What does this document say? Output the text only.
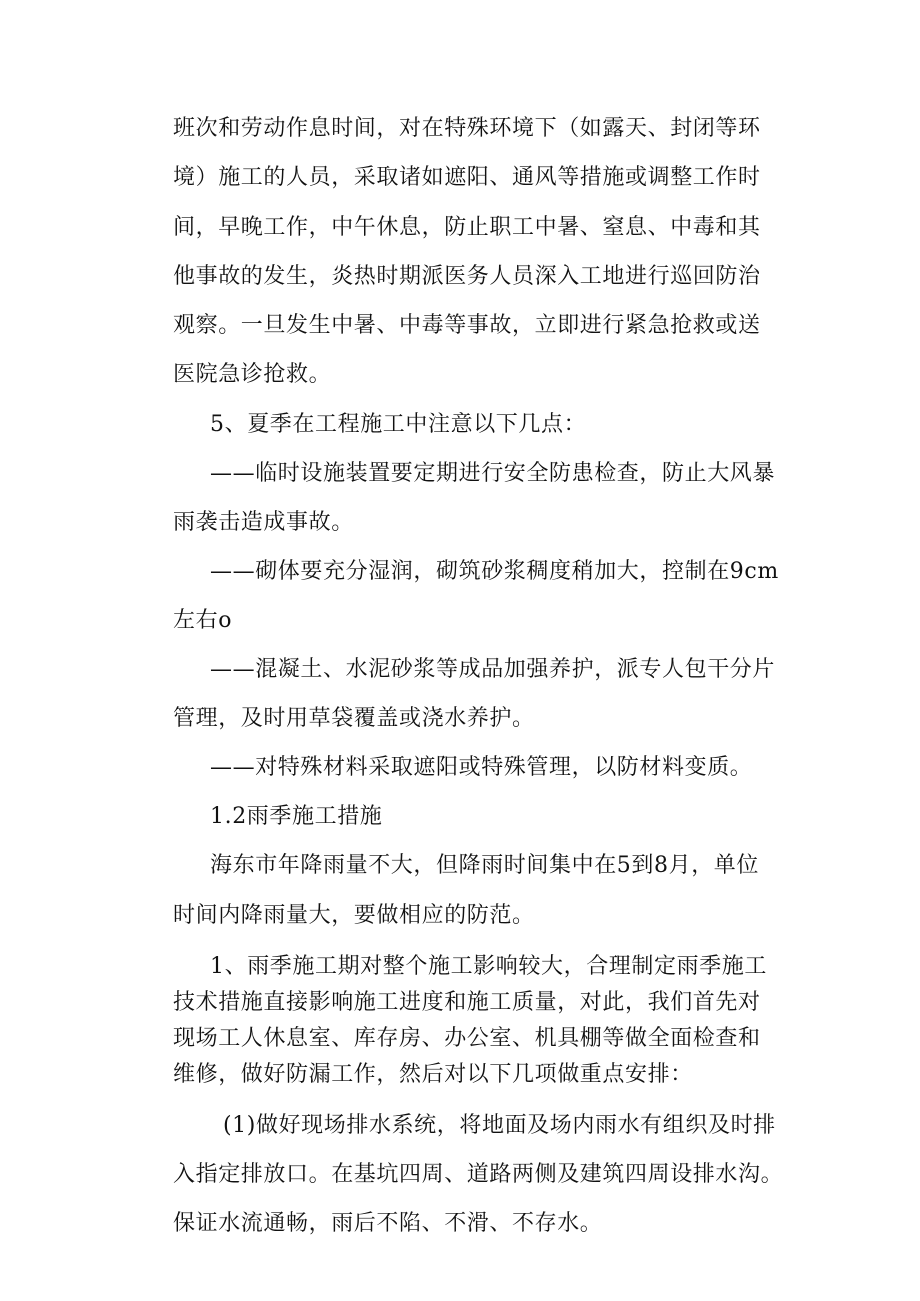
班次和劳动作息时间，对在特殊环境下（如露天、封闭等环
境）施工的人员，采取诸如遮阳、通风等措施或调整工作时
间，早晚工作，中午休息，防止职工中暑、窒息、中毒和其
他事故的发生，炎热时期派医务人员深入工地进行巡回防治
观察。一旦发生中暑、中毒等事故，立即进行紧急抢救或送
医院急诊抢救。
5、夏季在工程施工中注意以下几点：
——临时设施装置要定期进行安全防患检查，防止大风暴
雨袭击造成事故。
——砌体要充分湿润，砌筑砂浆稠度稍加大，控制在9cm
左右o
——混凝土、水泥砂浆等成品加强养护，派专人包干分片
管理，及时用草袋覆盖或浇水养护。
——对特殊材料采取遮阳或特殊管理，以防材料变质。
1.2雨季施工措施
海东市年降雨量不大，但降雨时间集中在5到8月，单位
时间内降雨量大，要做相应的防范。
1、雨季施工期对整个施工影响较大，合理制定雨季施工
技术措施直接影响施工进度和施工质量，对此，我们首先对
现场工人休息室、库存房、办公室、机具棚等做全面检查和
维修，做好防漏工作，然后对以下几项做重点安排：
(1)做好现场排水系统，将地面及场内雨水有组织及时排
入指定排放口。在基坑四周、道路两侧及建筑四周设排水沟。
保证水流通畅，雨后不陷、不滑、不存水。
